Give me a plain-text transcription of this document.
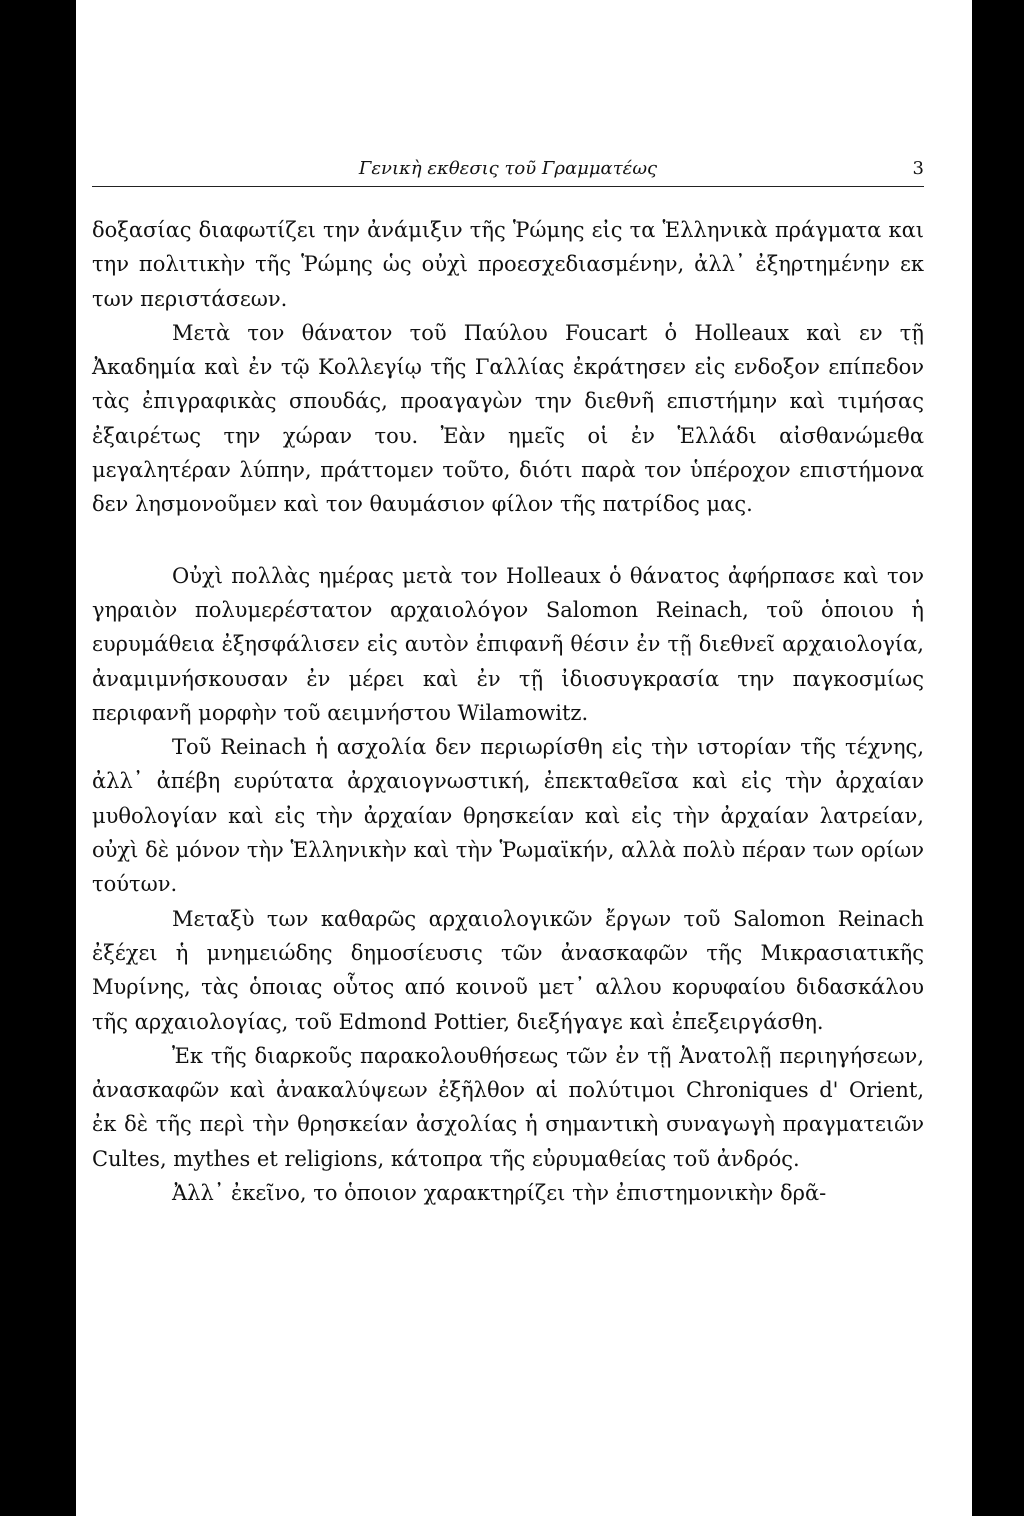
Γενικὴ εκθεσις τοῦ Γραμματέως	3

δοξασίας διαφωτίζει την ἀνάμιξιν τῆς Ῥώμης εἰς τα Ἑλληνικὰ πράγματα και την πολιτικὴν τῆς Ῥώμης ὡς οὐχὶ προεσχεδιασμένην, ἀλλ᾽ ἐξηρτημένην εκ των περιστάσεων.

Μετὰ τον θάνατον τοῦ Παύλου Foucart ὁ Holleaux καὶ εν τῇ Ἀκαδημία καὶ ἐν τῷ Κολλεγίῳ τῆς Γαλλίας ἐκράτησεν εἰς ενδοξον επίπεδον τὰς ἐπιγραφικὰς σπουδάς, προαγαγὼν την διεθνῆ επιστήμην καὶ τιμήσας ἐξαιρέτως την χώραν του. Ἐὰν ημεῖς οἱ ἐν Ἑλλάδι αἰσθανώμεθα μεγαλητέραν λύπην, πράττομεν τοῦτο, διότι παρὰ τον ὑπέροχον επιστήμονα δεν λησμονοῦμεν καὶ τον θαυμάσιον φίλον τῆς πατρίδος μας.

Οὐχὶ πολλὰς ημέρας μετὰ τον Holleaux ὁ θάνατος ἀφήρπασε καὶ τον γηραιὸν πολυμερέστατον αρχαιολόγον Salomon Reinach, τοῦ ὁποιου ἡ ευρυμάθεια ἐξησφάλισεν εἰς αυτὸν ἐπιφανῆ θέσιν ἐν τῇ διεθνεῖ αρχαιολογία, ἀναμιμνήσκουσαν ἐν μέρει καὶ ἐν τῇ ἰδιοσυγκρασία την παγκοσμίως περιφανῆ μορφὴν τοῦ αειμνήστου Wilamowitz.

Τοῦ Reinach ἡ ασχολία δεν περιωρίσθη εἰς τὴν ιστορίαν τῆς τέχνης, ἀλλ᾽ ἀπέβη ευρύτατα ἀρχαιογνωστική, ἐπεκταθεῖσα καὶ εἰς τὴν ἀρχαίαν μυθολογίαν καὶ εἰς τὴν ἀρχαίαν θρησκείαν καὶ εἰς τὴν ἀρχαίαν λατρείαν, οὐχὶ δὲ μόνον τὴν Ἑλληνικὴν καὶ τὴν Ῥωμαϊκήν, αλλὰ πολὺ πέραν των ορίων τούτων.

Μεταξὺ των καθαρῶς αρχαιολογικῶν ἔργων τοῦ Salomon Reinach ἐξέχει ἡ μνημειώδης δημοσίευσις τῶν ἀνασκαφῶν τῆς Μικρασιατικῆς Μυρίνης, τὰς ὁποιας οὗτος από κοινοῦ μετ᾽ αλλου κορυφαίου διδασκάλου τῆς αρχαιολογίας, τοῦ Edmond Pottier, διεξήγαγε καὶ ἐπεξειργάσθη.

Ἐκ τῆς διαρκοῦς παρακολουθήσεως τῶν ἐν τῇ Ἀνατολῇ περιηγήσεων, ἀνασκαφῶν καὶ ἀνακαλύψεων ἐξῆλθον αἱ πολύτιμοι Chroniques d' Orient, ἐκ δὲ τῆς περὶ τὴν θρησκείαν ἀσχολίας ἡ σημαντικὴ συναγωγὴ πραγματειῶν Cultes, mythes et religions, κάτοπρα τῆς εὐρυμαθείας τοῦ ἀνδρός.

Ἀλλ᾽ ἐκεῖνο, το ὁποιον χαρακτηρίζει τὴν ἐπιστημονικὴν δρᾶ-
